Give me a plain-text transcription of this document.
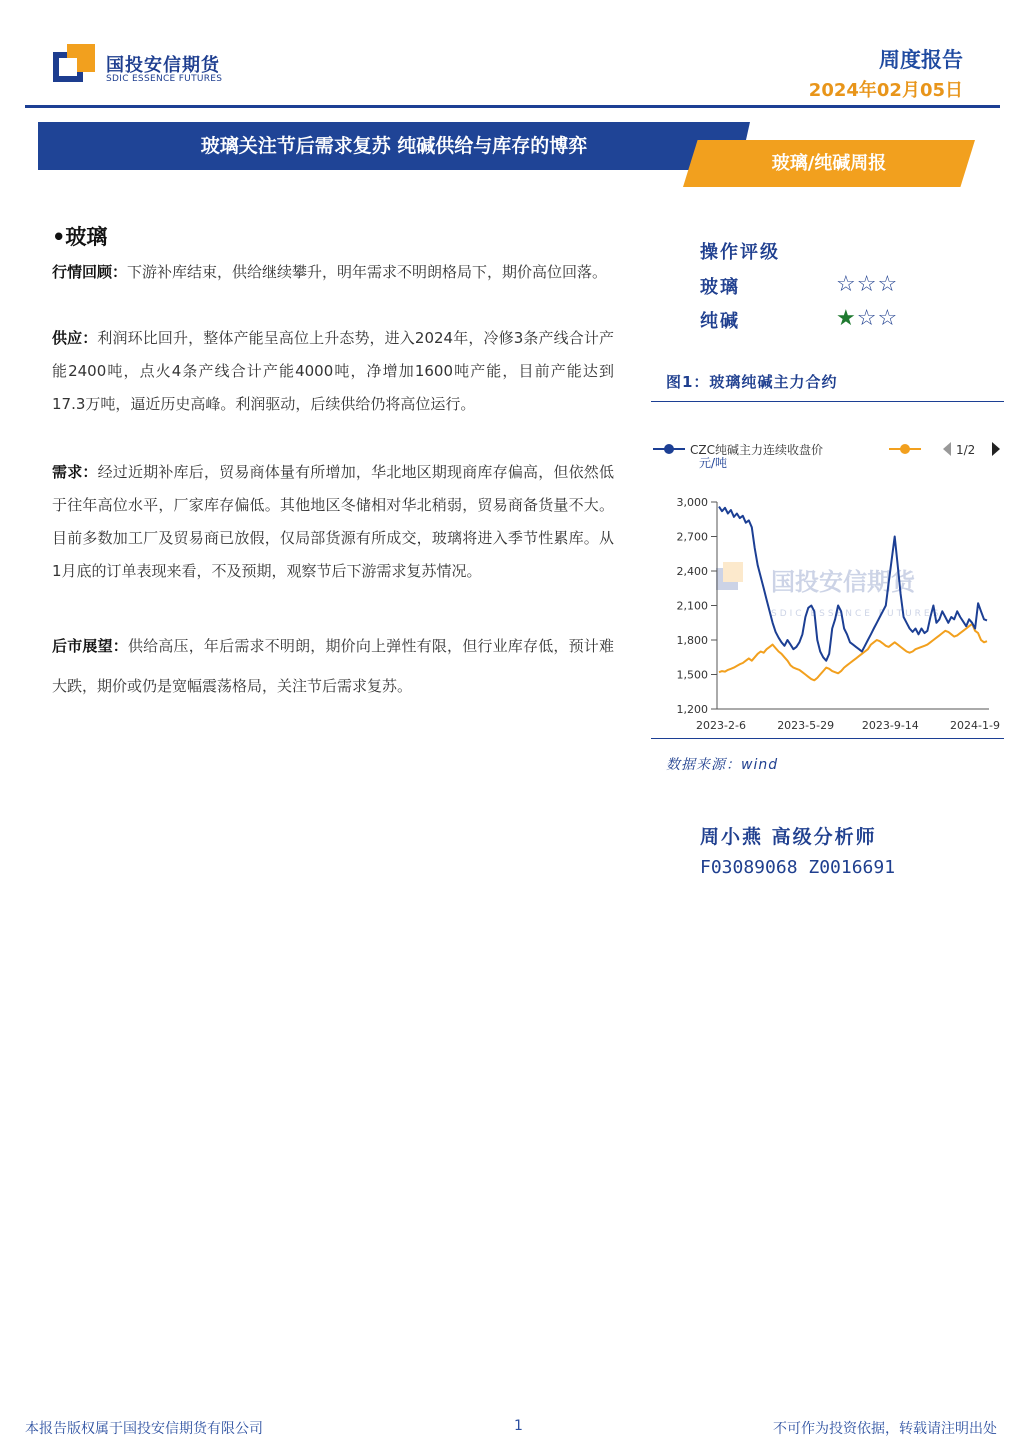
国投安信期货
SDIC ESSENCE FUTURES
周度报告
2024年02月05日
玻璃关注节后需求复苏 纯碱供给与库存的博弈
玻璃/纯碱周报
•玻璃
行情回顾：下游补库结束，供给继续攀升，明年需求不明朗格局下，期价高位回落。
供应：利润环比回升，整体产能呈高位上升态势，进入2024年，冷修3条产线合计产能2400吨，点火4条产线合计产能4000吨，净增加1600吨产能，目前产能达到17.3万吨，逼近历史高峰。利润驱动，后续供给仍将高位运行。
需求：经过近期补库后，贸易商体量有所增加，华北地区期现商库存偏高，但依然低于往年高位水平，厂家库存偏低。其他地区冬储相对华北稍弱，贸易商备货量不大。目前多数加工厂及贸易商已放假，仅局部货源有所成交，玻璃将进入季节性累库。从1月底的订单表现来看，不及预期，观察节后下游需求复苏情况。
后市展望：供给高压，年后需求不明朗，期价向上弹性有限，但行业库存低，预计难大跌，期价或仍是宽幅震荡格局，关注节后需求复苏。
操作评级
玻璃	☆☆☆
纯碱	★☆☆
图1：玻璃纯碱主力合约
国投安信期货
SDIC ESSENCE FUTURES
CZC纯碱主力连续收盘价	1/2
元/吨
3,000
2,700
2,400
2,100
1,800
1,500
1,200
2023-2-6	2023-5-29	2023-9-14	2024-1-9
数据来源：wind
周小燕 高级分析师
F03089068 Z0016691
本报告版权属于国投安信期货有限公司	1	不可作为投资依据，转载请注明出处
